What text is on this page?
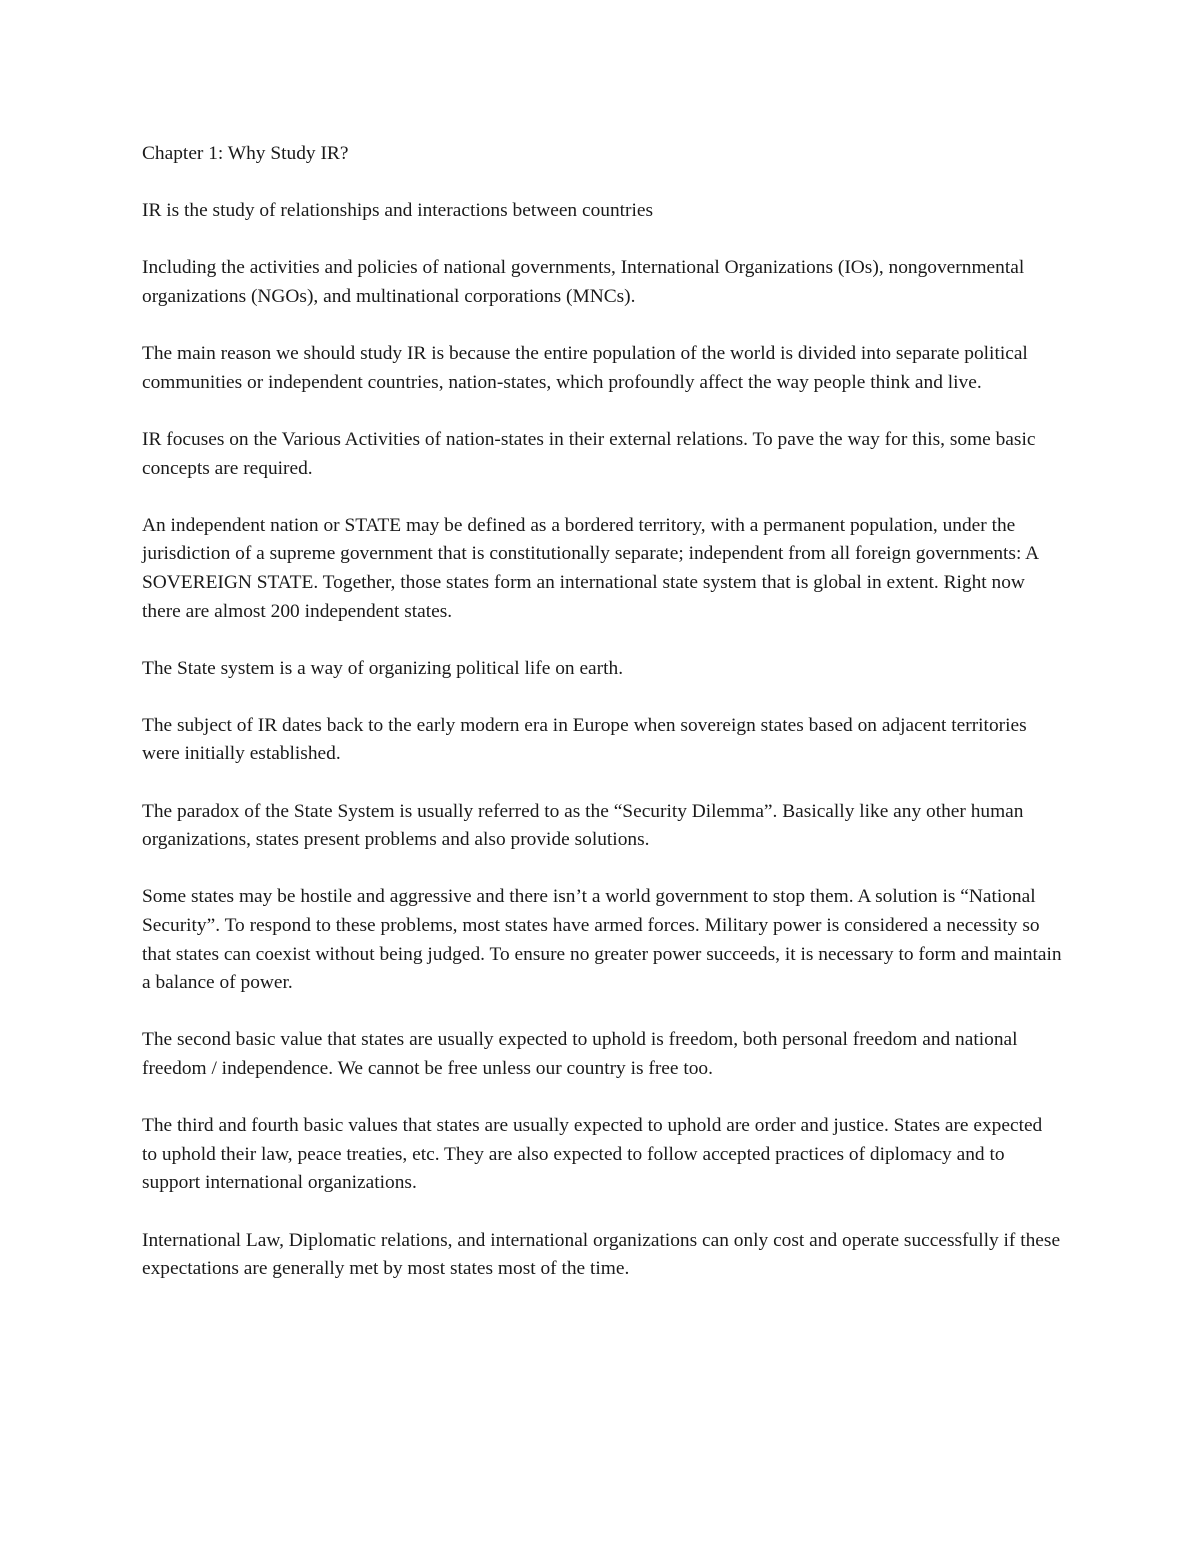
Chapter 1: Why Study IR?

IR is the study of relationships and interactions between countries

Including the activities and policies of national governments, International Organizations (IOs), nongovernmental organizations (NGOs), and multinational corporations (MNCs).

The main reason we should study IR is because the entire population of the world is divided into separate political communities or independent countries, nation-states, which profoundly affect the way people think and live.

IR focuses on the Various Activities of nation-states in their external relations. To pave the way for this, some basic concepts are required.

An independent nation or STATE may be defined as a bordered territory, with a permanent population, under the jurisdiction of a supreme government that is constitutionally separate; independent from all foreign governments: A SOVEREIGN STATE. Together, those states form an international state system that is global in extent. Right now there are almost 200 independent states.

The State system is a way of organizing political life on earth.

The subject of IR dates back to the early modern era in Europe when sovereign states based on adjacent territories were initially established.

The paradox of the State System is usually referred to as the “Security Dilemma”. Basically like any other human organizations, states present problems and also provide solutions.

Some states may be hostile and aggressive and there isn’t a world government to stop them. A solution is “National Security”. To respond to these problems, most states have armed forces. Military power is considered a necessity so that states can coexist without being judged. To ensure no greater power succeeds, it is necessary to form and maintain a balance of power.

The second basic value that states are usually expected to uphold is freedom, both personal freedom and national freedom / independence. We cannot be free unless our country is free too.

The third and fourth basic values that states are usually expected to uphold are order and justice. States are expected to uphold their law, peace treaties, etc. They are also expected to follow accepted practices of diplomacy and to support international organizations.

International Law, Diplomatic relations, and international organizations can only cost and operate successfully if these expectations are generally met by most states most of the time.
